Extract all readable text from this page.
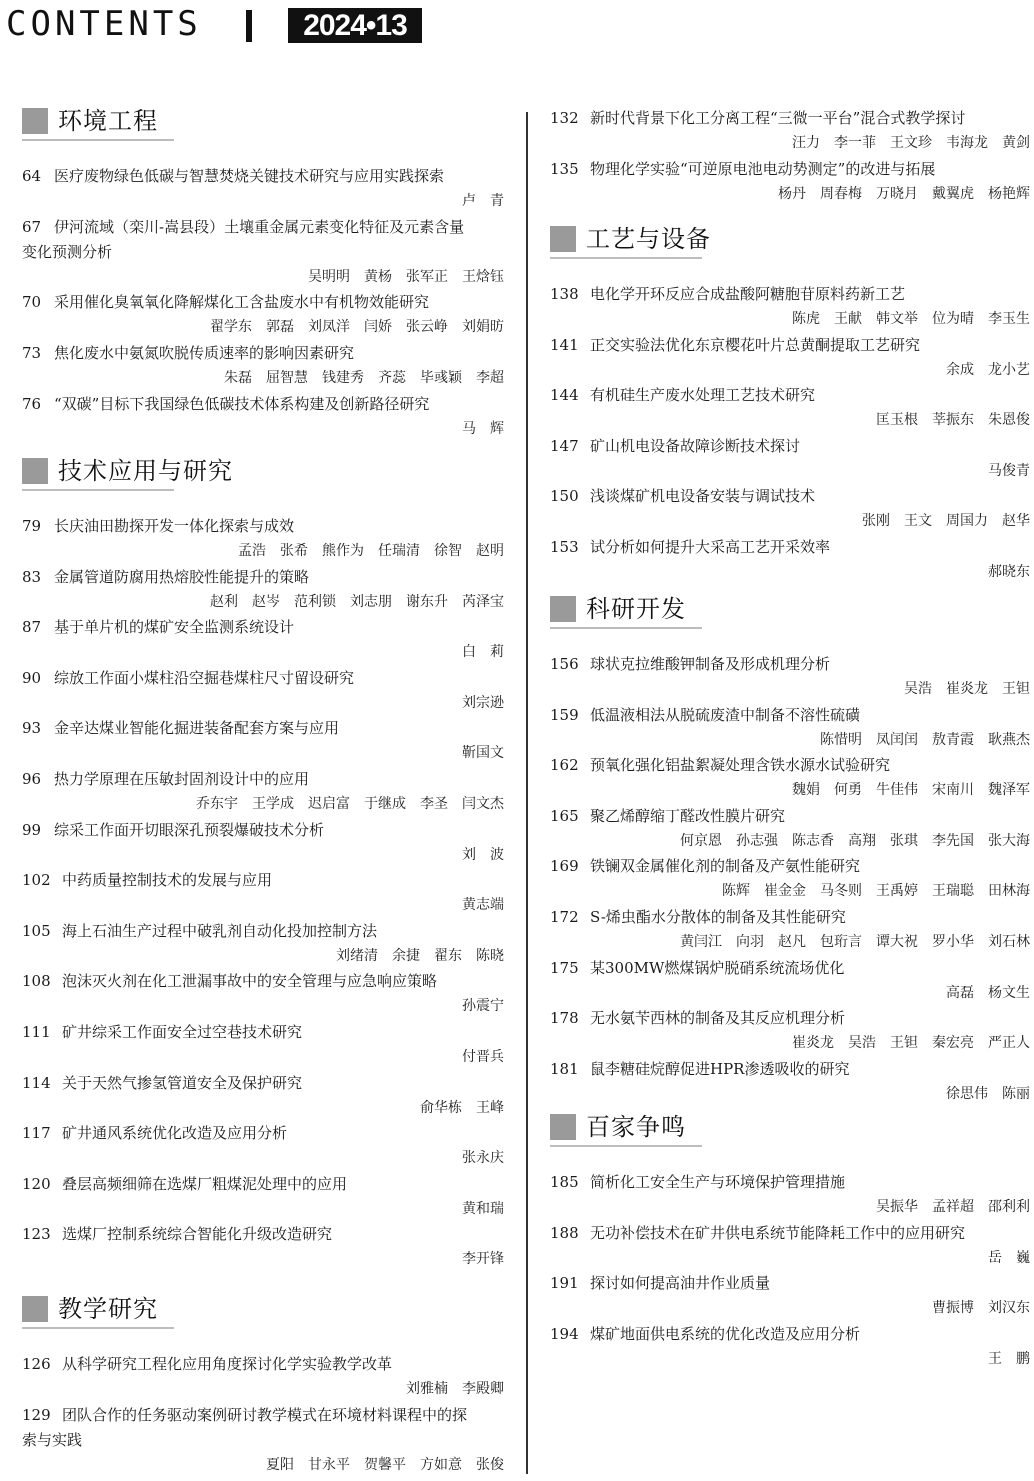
CONTENTS	2024•13
环境工程
64 医疗废物绿色低碳与智慧焚烧关键技术研究与应用实践探索
卢　青
67 伊河流域（栾川-嵩县段）土壤重金属元素变化特征及元素含量
变化预测分析
吴明明　黄杨　张军正　王焓钰
70 采用催化臭氧氧化降解煤化工含盐废水中有机物效能研究
翟学东　郭磊　刘凤洋　闫娇　张云峥　刘娟昉
73 焦化废水中氨氮吹脱传质速率的影响因素研究
朱磊　屈智慧　钱建秀　齐蕊　毕彧颖　李超
76 “双碳”目标下我国绿色低碳技术体系构建及创新路径研究
马　辉
技术应用与研究
79 长庆油田勘探开发一体化探索与成效
孟浩　张希　熊作为　任瑞清　徐智　赵明
83 金属管道防腐用热熔胶性能提升的策略
赵利　赵岑　范利锁　刘志朋　谢东升　芮泽宝
87 基于单片机的煤矿安全监测系统设计
白　莉
90 综放工作面小煤柱沿空掘巷煤柱尺寸留设研究
刘宗逊
93 金辛达煤业智能化掘进装备配套方案与应用
靳国文
96 热力学原理在压敏封固剂设计中的应用
乔东宇　王学成　迟启富　于继成　李圣　闫文杰
99 综采工作面开切眼深孔预裂爆破技术分析
刘　波
102 中药质量控制技术的发展与应用
黄志端
105 海上石油生产过程中破乳剂自动化投加控制方法
刘绪清　余捷　翟东　陈晓
108 泡沫灭火剂在化工泄漏事故中的安全管理与应急响应策略
孙震宁
111 矿井综采工作面安全过空巷技术研究
付晋兵
114 关于天然气掺氢管道安全及保护研究
俞华栋　王峰
117 矿井通风系统优化改造及应用分析
张永庆
120 叠层高频细筛在选煤厂粗煤泥处理中的应用
黄和瑞
123 选煤厂控制系统综合智能化升级改造研究
李开锋
教学研究
126 从科学研究工程化应用角度探讨化学实验教学改革
刘雅楠　李殿卿
129 团队合作的任务驱动案例研讨教学模式在环境材料课程中的探
索与实践
夏阳　甘永平　贺馨平　方如意　张俊
132 新时代背景下化工分离工程“三微一平台”混合式教学探讨
汪力　李一菲　王文珍　韦海龙　黄剑
135 物理化学实验“可逆原电池电动势测定”的改进与拓展
杨丹　周春梅　万晓月　戴翼虎　杨艳辉
工艺与设备
138 电化学开环反应合成盐酸阿糖胞苷原料药新工艺
陈虎　王献　韩文举　位为晴　李玉生
141 正交实验法优化东京樱花叶片总黄酮提取工艺研究
余成　龙小艺
144 有机硅生产废水处理工艺技术研究
匡玉根　莘振东　朱恩俊
147 矿山机电设备故障诊断技术探讨
马俊青
150 浅谈煤矿机电设备安装与调试技术
张刚　王文　周国力　赵华
153 试分析如何提升大采高工艺开采效率
郝晓东
科研开发
156 球状克拉维酸钾制备及形成机理分析
吴浩　崔炎龙　王钽
159 低温液相法从脱硫废渣中制备不溶性硫磺
陈惜明　凤闰闰　敖青霞　耿燕杰
162 预氧化强化铝盐絮凝处理含铁水源水试验研究
魏娟　何勇　牛佳伟　宋南川　魏泽军
165 聚乙烯醇缩丁醛改性膜片研究
何京恩　孙志强　陈志香　高翔　张琪　李先国　张大海
169 铁镧双金属催化剂的制备及产氨性能研究
陈辉　崔金金　马冬则　王禹婷　王瑞聪　田林海
172 S-烯虫酯水分散体的制备及其性能研究
黄闫江　向羽　赵凡　包珩言　谭大祝　罗小华　刘石林
175 某300MW燃煤锅炉脱硝系统流场优化
高磊　杨文生
178 无水氨苄西林的制备及其反应机理分析
崔炎龙　吴浩　王钽　秦宏亮　严正人
181 鼠李糖硅烷醇促进HPR渗透吸收的研究
徐思伟　陈丽
百家争鸣
185 简析化工安全生产与环境保护管理措施
吴振华　孟祥超　邵利利
188 无功补偿技术在矿井供电系统节能降耗工作中的应用研究
岳　巍
191 探讨如何提高油井作业质量
曹振博　刘汉东
194 煤矿地面供电系统的优化改造及应用分析
王　鹏
